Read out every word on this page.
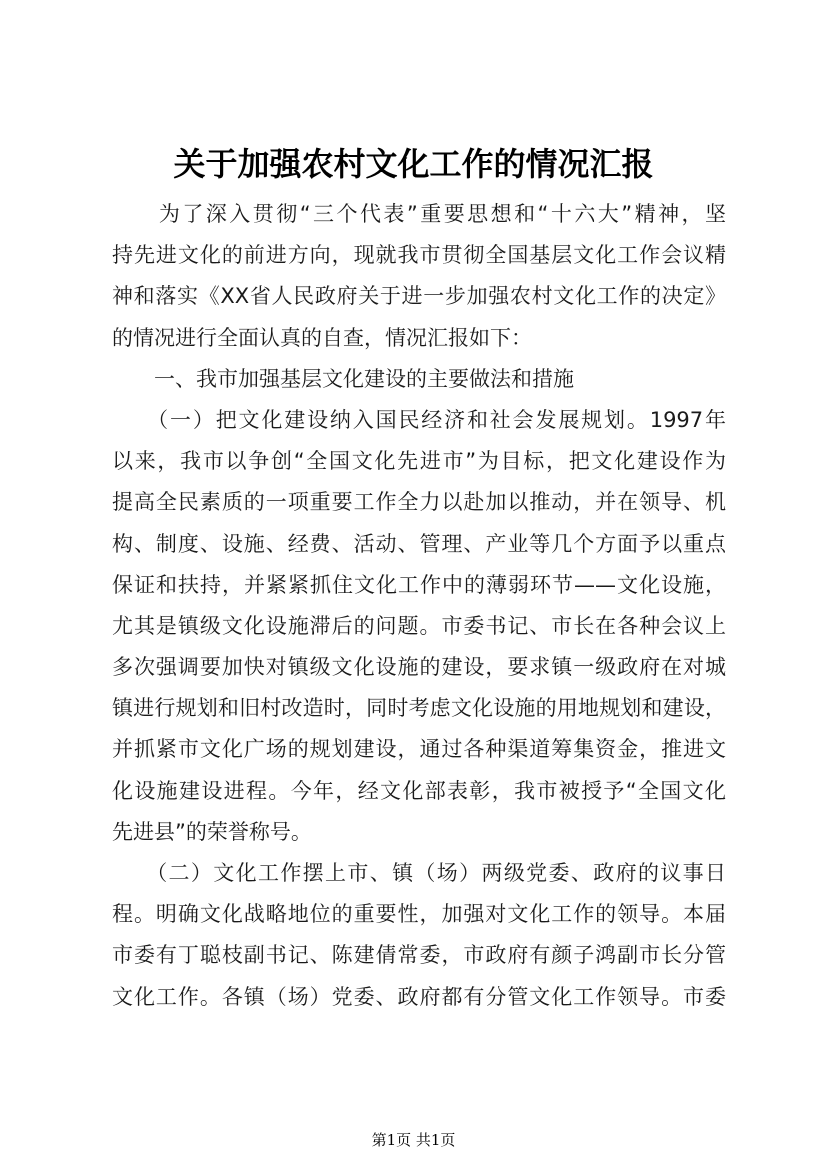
关于加强农村文化工作的情况汇报
　　为了深入贯彻“三个代表”重要思想和“十六大”精神，坚
持先进文化的前进方向，现就我市贯彻全国基层文化工作会议精
神和落实《XX省人民政府关于进一步加强农村文化工作的决定》
的情况进行全面认真的自查，情况汇报如下：
　　一、我市加强基层文化建设的主要做法和措施
　　（一）把文化建设纳入国民经济和社会发展规划。1997年
以来，我市以争创“全国文化先进市”为目标，把文化建设作为
提高全民素质的一项重要工作全力以赴加以推动，并在领导、机
构、制度、设施、经费、活动、管理、产业等几个方面予以重点
保证和扶持，并紧紧抓住文化工作中的薄弱环节——文化设施，
尤其是镇级文化设施滞后的问题。市委书记、市长在各种会议上
多次强调要加快对镇级文化设施的建设，要求镇一级政府在对城
镇进行规划和旧村改造时，同时考虑文化设施的用地规划和建设，
并抓紧市文化广场的规划建设，通过各种渠道筹集资金，推进文
化设施建设进程。今年，经文化部表彰，我市被授予“全国文化
先进县”的荣誉称号。
　　（二）文化工作摆上市、镇（场）两级党委、政府的议事日
程。明确文化战略地位的重要性，加强对文化工作的领导。本届
市委有丁聪枝副书记、陈建倩常委，市政府有颜子鸿副市长分管
文化工作。各镇（场）党委、政府都有分管文化工作领导。市委
第1页 共1页
